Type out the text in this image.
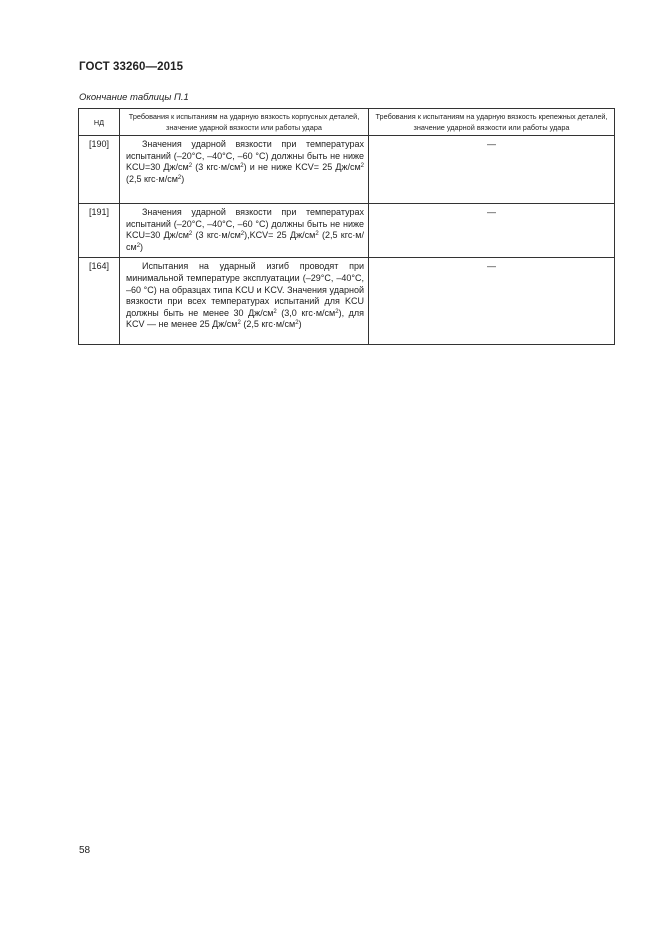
ГОСТ 33260—2015
Окончание таблицы П.1
НД	Требования к испытаниям на ударную вязкость корпусных деталей, значение ударной вязкости или работы удара	Требования к испытаниям на ударную вязкость крепежных деталей, значение ударной вязкости или работы удара
[190]	Значения ударной вязкости при температурах испытаний (–20°С, –40°С, –60 °С) должны быть не ниже KCU=30 $Дж/см^2$ (3 $кгс\cdot м/см^2$) и не ниже KCV= 25 $Дж/см^2$ (2,5 $кгс\cdot м/см^2$)	—
[191]	Значения ударной вязкости при температурах испытаний (–20°С, –40°С, –60 °С) должны быть не ниже KCU=30 $Дж/см^2$ (3 $кгс\cdot м/см^2),KCV= 25$ $Дж/см^2$ (2,5 $кгс\cdot м/см^2$)	—
[164]	Испытания на ударный изгиб проводят при минимальной температуре эксплуатации (–29°С, –40°С, –60 °С) на образцах типа KCU и KCV. Значения ударной вязкости при всех температурах испытаний для KCU должны быть не менее 30 $Дж/см^2$ (3,0 $кгс\cdot м/см^2$), для KCV — не менее 25 $Дж/см^2$ (2,5 $кгс\cdot м/см^2$)	—
58
